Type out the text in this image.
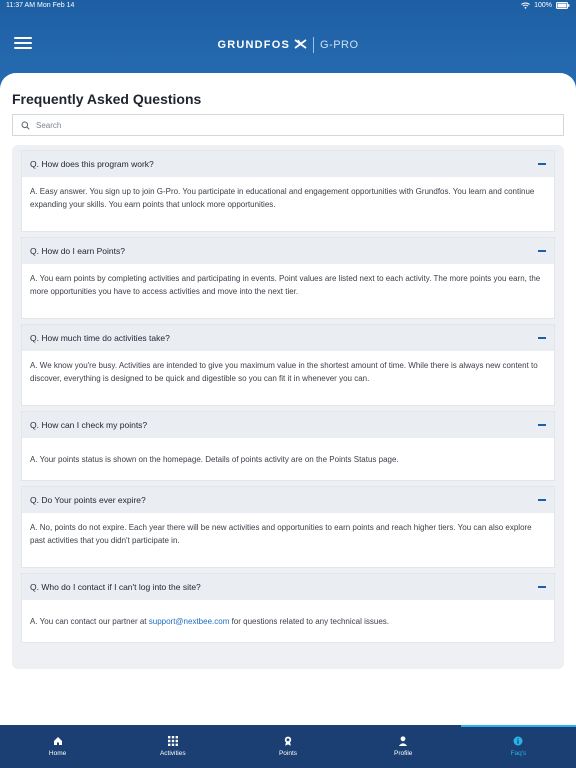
11:37 AM Mon Feb 14	100%
GRUNDFOS	G-PRO
Frequently Asked Questions
Search
Q. How does this program work?
A. Easy answer. You sign up to join G-Pro. You participate in educational and engagement opportunities with Grundfos. You learn and continue expanding your skills. You earn points that unlock more opportunities.
Q. How do I earn Points?
A. You earn points by completing activities and participating in events. Point values are listed next to each activity. The more points you earn, the more opportunities you have to access activities and move into the next tier.
Q. How much time do activities take?
A. We know you're busy. Activities are intended to give you maximum value in the shortest amount of time. While there is always new content to discover, everything is designed to be quick and digestible so you can fit it in whenever you can.
Q. How can I check my points?
A. Your points status is shown on the homepage. Details of points activity are on the Points Status page.
Q. Do Your points ever expire?
A. No, points do not expire. Each year there will be new activities and opportunities to earn points and reach higher tiers. You can also explore past activities that you didn't participate in.
Q. Who do I contact if I can't log into the site?
A. You can contact our partner at support@nextbee.com for questions related to any technical issues.
Home	Activities	Points	Profile	Faq's
